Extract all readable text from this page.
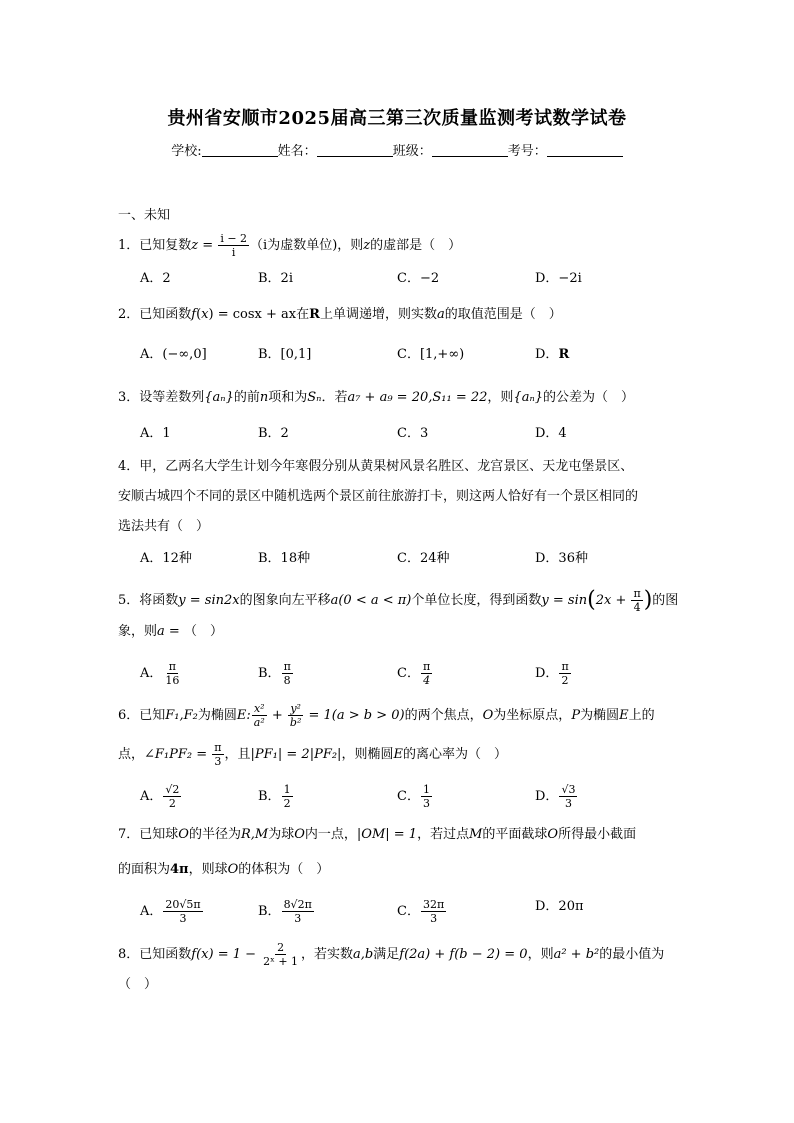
贵州省安顺市2025届高三第三次质量监测考试数学试卷
学校:	姓名：	班级：	考号：
一、未知
1．已知复数$z = \frac{i - 2}{i} (i$为虚数单位)，则z的虚部是（　）
A．2	B．2i	C．−2	D．−2i
2．已知函数f(x) = cosx + ax在R上单调递增，则实数a的取值范围是（　）
A．(−∞,0]	B．[0,1]	C．[1,+∞)	D．R
3．设等差数列{aₙ}的前n项和为Sₙ．若a₇ + a₉ = 20,S₁₁ = 22，则{aₙ}的公差为（　）
A．1	B．2	C．3	D．4
4．甲，乙两名大学生计划今年寒假分别从黄果树风景名胜区、龙宫景区、天龙屯堡景区、
安顺古城四个不同的景区中随机选两个景区前往旅游打卡，则这两人恰好有一个景区相同的
选法共有（　）
A．12种	B．18种	C．24种	D．36种
5．将函数y = sin2x的图象向左平移a(0 < a < π)个单位长度，得到函数$y = \sin(2x + \frac{\pi}{4}$ )的图
象，则a = （　）
A． $\frac{\pi}{16}$	B． $\frac{\pi}{8}$	C． $\frac{\pi}{4}$	D． $\frac{\pi}{2}$
6．已知F₁,F₂为椭圆E: $\frac{\text{x²}}{\text{a²}} + \frac{\text{y²}}{\text{b²}} = 1(a > b > 0)$的两个焦点，O为坐标原点，P为椭圆E上的
点，∠F₁PF₂ = $\frac{\pi}{3}$ ，且|PF₁| = 2|PF₂|，则椭圆E的离心率为（　）
A． $\frac{√2}{2}$	B． $\frac{1}{2}$	C． $\frac{1}{3}$	D． $\frac{√3}{3}$
7．已知球O的半径为R,M为球O内一点，|OM| = 1，若过点M的平面截球O所得最小截面
的面积为4π，则球O的体积为（　）
A． $\frac{20√5\pi}{3}$	B． $\frac{8√2\pi}{3}$	C． $\frac{32\pi}{3}$	D．20π
8．已知函数$f(x) = 1 - \frac{2}{\text{2ˣ + 1}}$ ，若实数a,b满足f(2a) + f(b − 2) = 0，则a² + b²的最小值为
（　）
